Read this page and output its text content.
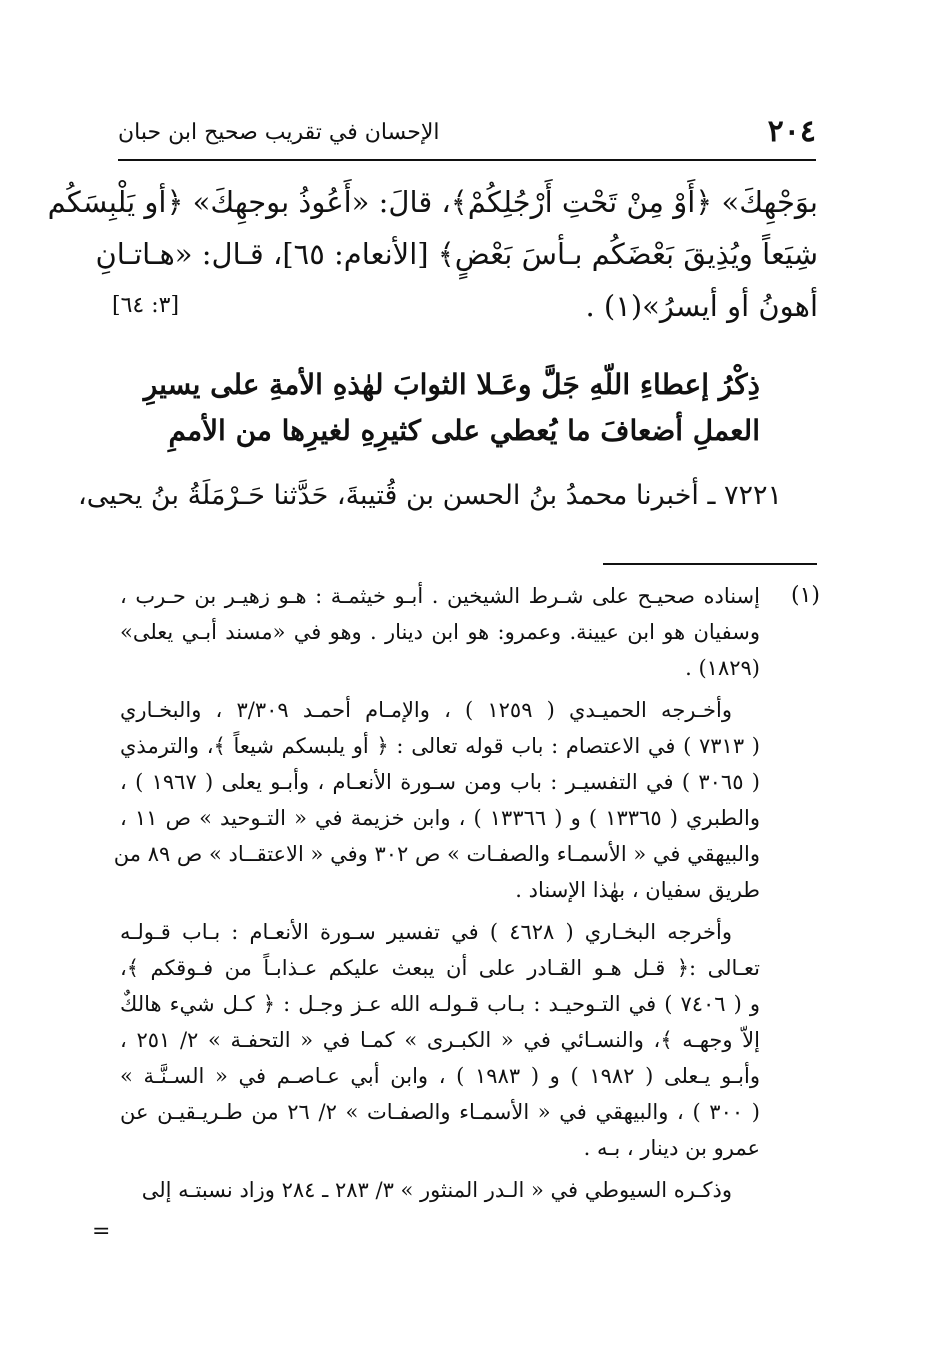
٢٠٤
الإحسان في تقريب صحيح ابن حبان
بوَجْهِكَ» ﴿أَوْ مِنْ تَحْتِ أَرْجُلِكُمْ﴾، قالَ: «أَعُوذُ بوجهِكَ» ﴿أو يَلْبِسَكُم
شِيَعاً ويُذِيقَ بَعْضَكُم بـأسَ بَعْضٍ﴾ [الأنعام: ٦٥]، قـال: «هـاتـانِ
أهونُ أو أيسرُ»(١) .
[٣: ٦٤]
ذِكْرُ إعطاءِ اللّهِ جَلَّ وعَـلا الثوابَ لهٰذهِ الأمةِ على يسيرِ
العملِ أضعافَ ما يُعطي على كثيرِهِ لغيرِها من الأممِ
٧٢٢١ ـ أخبرنا محمدُ بنُ الحسن بن قُتيبةَ، حَدَّثنا حَـرْمَلَةُ بنُ يحيى،
(١)
إسناده صحيـح على شـرط الشيخين . أبـو خيثمـة : هـو زهيـر بن حـرب ،
وسفيان هو ابن عيينة. وعمرو: هو ابن دينار . وهو في «مسند أبـي يعلى»
(١٨٢٩) .
وأخـرجه الحميـدي ( ١٢٥٩ ) ، والإمـام أحمـد ٣/٣٠٩ ، والبخـاري
( ٧٣١٣ ) في الاعتصام : باب قوله تعالى : ﴿ أو يلبسكم شيعاً ﴾، والترمذي
( ٣٠٦٥ ) في التفسيـر : باب ومن سـورة الأنعـام ، وأبـو يعلى ( ١٩٦٧ ) ،
والطبري ( ١٣٣٦٥ ) و ( ١٣٣٦٦ ) ، وابن خزيمة في « التـوحيد » ص ١١ ،
والبيهقي في « الأسمـاء والصفـات » ص ٣٠٢ وفي « الاعتقــاد » ص ٨٩ من
طريق سفيان ، بهٰذا الإسناد .
وأخرجه البخـاري ( ٤٦٢٨ ) في تفسير سـورة الأنعـام : بـاب قـولـه
تعـالى :﴿ قـل هـو القـادر على أن يبعث عليكم عـذابـاً من فـوقكم ﴾،
و ( ٧٤٠٦ ) في التـوحيـد : بـاب قـولـه الله عـز وجـل : ﴿ كـل شيء هالكٌ
إلاّ وجهـه ﴾، والنسـائي في « الكبـرى » كمـا في « التحفـة » ٢/ ٢٥١ ،
وأبـو يـعلى ( ١٩٨٢ ) و ( ١٩٨٣ ) ، وابن أبي عـاصـم في « السـنَّـة »
( ٣٠٠ ) ، والبيهقي في « الأسمـاء والصفـات » ٢/ ٢٦ من طـريـقيـن عن
عمرو بن دينار ، بـه .
وذكـره السيوطي في « الـدر المنثور » ٣/ ٢٨٣ ـ ٢٨٤ وزاد نسبتـه إلى
=
